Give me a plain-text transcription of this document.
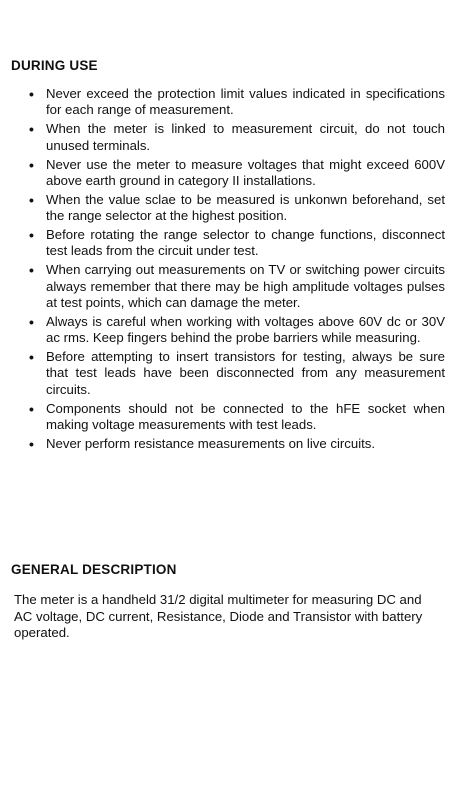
DURING USE
• Never exceed the protection limit values indicated in specifications for each range of measurement.
• When the meter is linked to measurement circuit, do not touch unused terminals.
• Never use the meter to measure voltages that might exceed 600V above earth ground in category II installations.
• When the value sclae to be measured is unkonwn beforehand, set the range selector at the highest position.
• Before rotating the range selector to change functions, disconnect test leads from the circuit under test.
• When carrying out measurements on TV or switching power circuits always remember that there may be high amplitude voltages pulses at test points, which can damage the meter.
• Always is careful when working with voltages above 60V dc or 30V ac rms. Keep fingers behind the probe barriers while measuring.
• Before attempting to insert transistors for testing, always be sure that test leads have been disconnected from any measurement circuits.
• Components should not be connected to the hFE socket when making voltage measurements with test leads.
• Never perform resistance measurements on live circuits.
GENERAL DESCRIPTION

The meter is a handheld 31/2 digital multimeter for measuring DC and AC voltage, DC current, Resistance, Diode and Transistor with battery operated.
